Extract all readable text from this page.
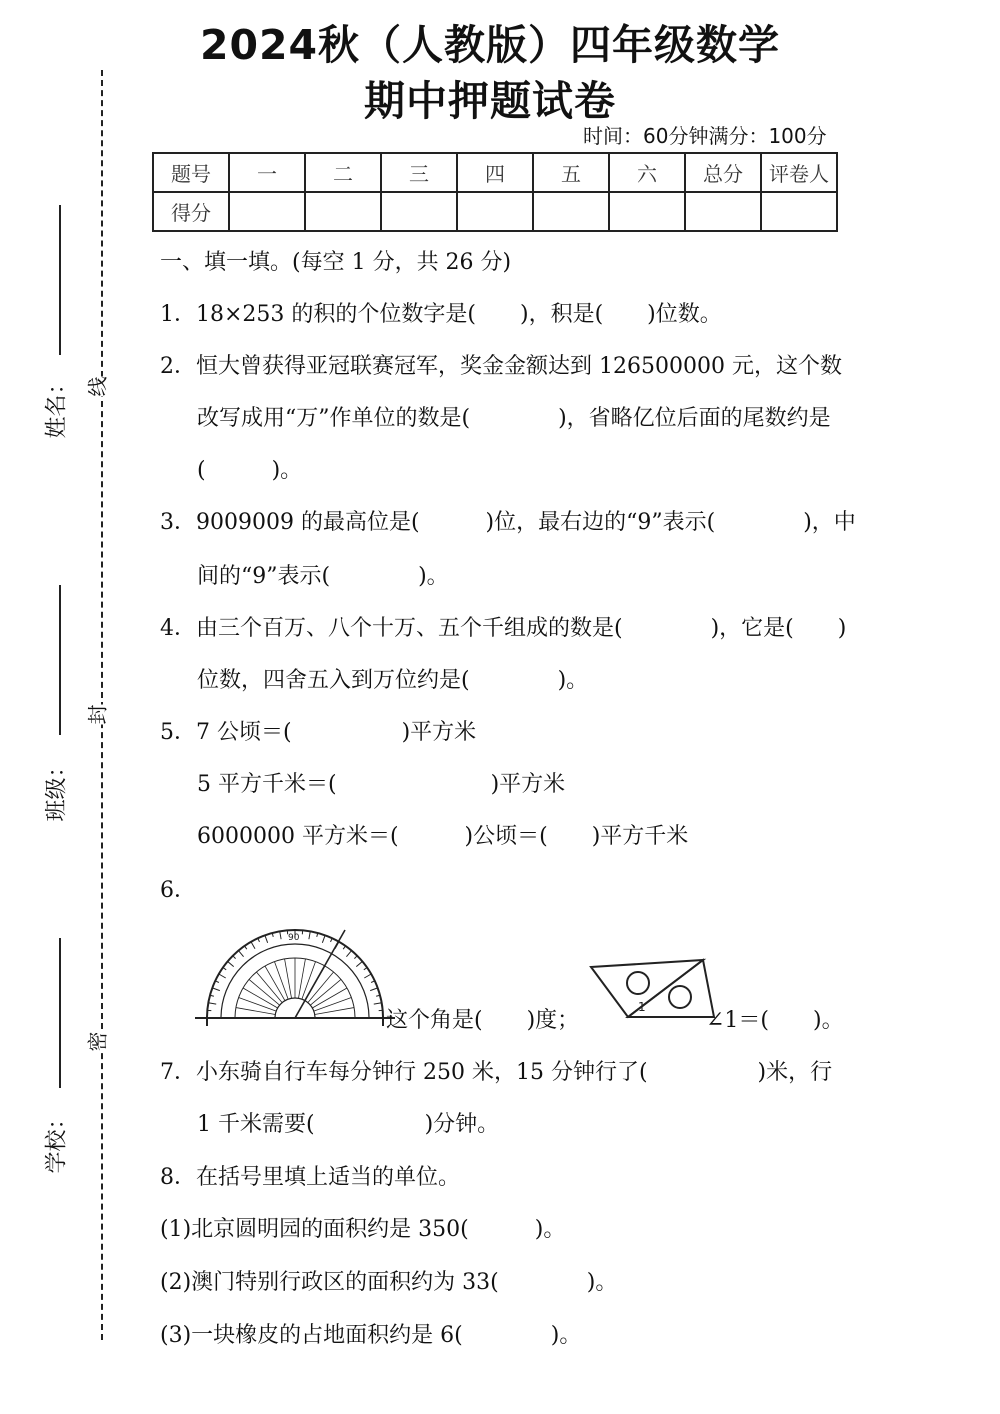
2024秋（人教版）四年级数学
期中押题试卷
时间：60分钟满分：100分
题号	一	二	三	四	五	六	总分	评卷人
得分								
姓名：
班级：
学校：
线
封
密
一、填一填。(每空 1 分，共 26 分)
1．18×253 的积的个位数字是(　　)，积是(　　)位数。
2．恒大曾获得亚冠联赛冠军，奖金金额达到 126500000 元，这个数
改写成用“万”作单位的数是(　　　　)，省略亿位后面的尾数约是
(　　　)。
3．9009009 的最高位是(　　　)位，最右边的“9”表示(　　　　)，中
间的“9”表示(　　　　)。
4．由三个百万、八个十万、五个千组成的数是(　　　　)，它是(　　)
位数，四舍五入到万位约是(　　　　)。
5．7 公顷＝(　　　　　)平方米
5 平方千米＝(　　　　　　　)平方米
6000000 平方米＝(　　　)公顷＝(　　)平方千米
6．
90
这个角是(　　)度；
1
∠1＝(　　)。
7．小东骑自行车每分钟行 250 米，15 分钟行了(　　　　　)米，行
1 千米需要(　　　　　)分钟。
8．在括号里填上适当的单位。
(1)北京圆明园的面积约是 350(　　　)。
(2)澳门特别行政区的面积约为 33(　　　　)。
(3)一块橡皮的占地面积约是 6(　　　　)。
